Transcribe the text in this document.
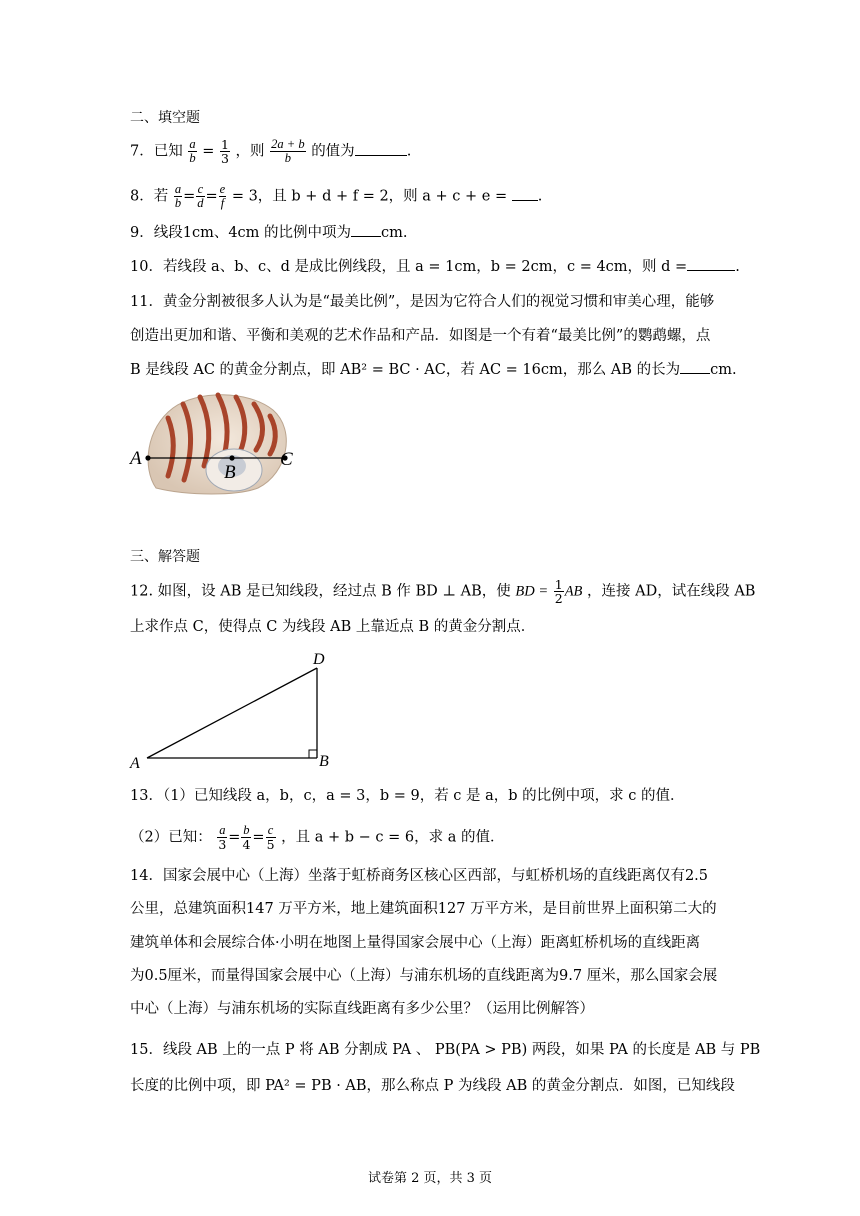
二、填空题
7．已知 $\frac{a}{b} = \frac{1}{3}$ ，则 $\frac{2a + b}{b}$ 的值为	.
8．若 $\frac{a}{b} = \frac{c}{d} = \frac{e}{f} = 3$，且 b + d + f = 2，则 a + c + e = .
9．线段1cm、4cm 的比例中项为 cm.
10．若线段 a、b、c、d 是成比例线段，且 a = 1cm，b = 2cm，c = 4cm，则 d =	.
11．黄金分割被很多人认为是“最美比例”，是因为它符合人们的视觉习惯和审美心理，能够
创造出更加和谐、平衡和美观的艺术作品和产品．如图是一个有着“最美比例”的鹦鹉螺，点
B 是线段 AC 的黄金分割点，即 AB² = BC · AC，若 AC = 16cm，那么 AB 的长为 cm.
A
B
C
三、解答题
12. 如图，设 AB 是已知线段，经过点 B 作 BD ⊥ AB，使 BD = $\frac{1}{2}$ AB ，连接 AD，试在线段 AB
上求作点 C，使得点 C 为线段 AB 上靠近点 B 的黄金分割点．
A	B
D
13．（1）已知线段 a，b，c，a = 3，b = 9，若 c 是 a，b 的比例中项，求 c 的值．
（2）已知： $\frac{a}{3} = \frac{b}{4} = \frac{c}{5}$ ，且 a + b − c = 6，求 a 的值．
14．国家会展中心（上海）坐落于虹桥商务区核心区西部，与虹桥机场的直线距离仅有2.5
公里，总建筑面积147 万平方米，地上建筑面积127 万平方米，是目前世界上面积第二大的
建筑单体和会展综合体·小明在地图上量得国家会展中心（上海）距离虹桥机场的直线距离
为0.5厘米，而量得国家会展中心（上海）与浦东机场的直线距离为9.7 厘米，那么国家会展
中心（上海）与浦东机场的实际直线距离有多少公里？（运用比例解答）
15．线段 AB 上的一点 P 将 AB 分割成 PA 、 PB(PA > PB) 两段，如果 PA 的长度是 AB 与 PB
长度的比例中项，即 PA² = PB · AB，那么称点 P 为线段 AB 的黄金分割点．如图，已知线段
试卷第 2 页，共 3 页
